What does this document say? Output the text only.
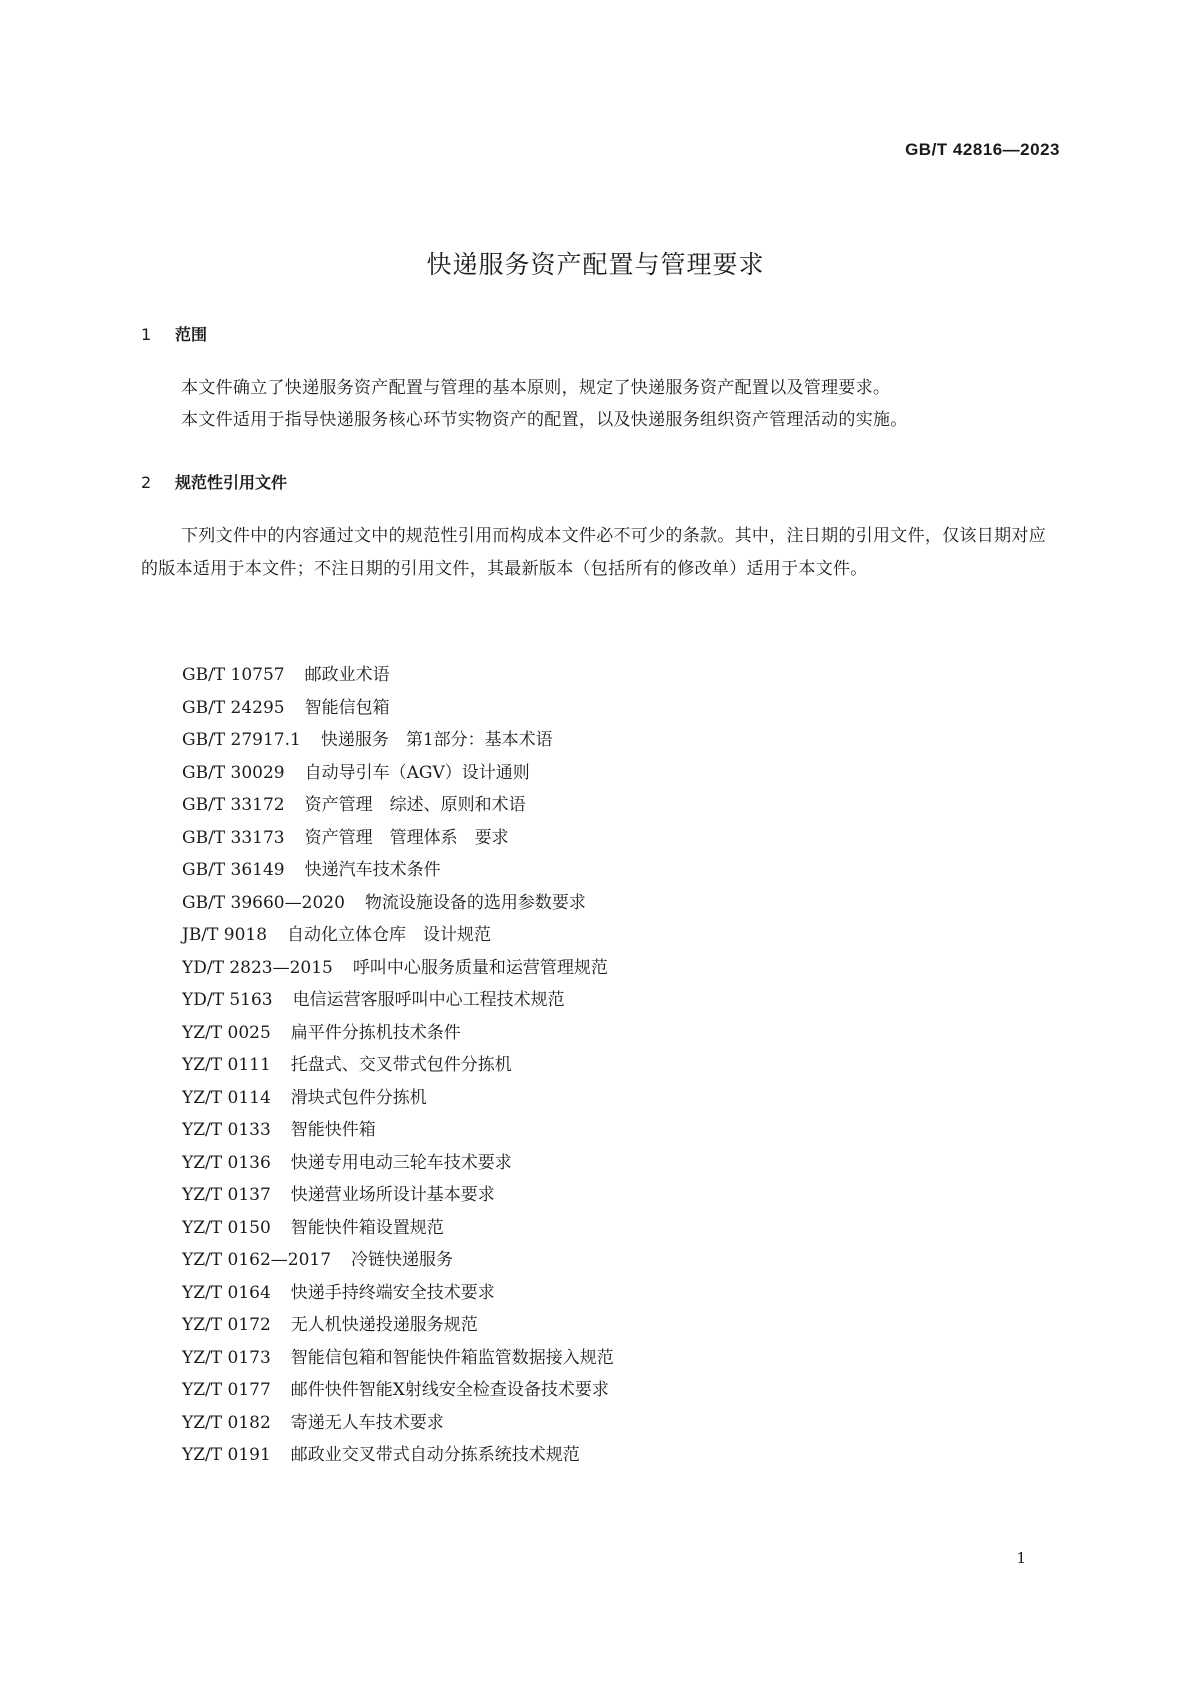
GB/T 42816—2023
快递服务资产配置与管理要求
1 范围
本文件确立了快递服务资产配置与管理的基本原则，规定了快递服务资产配置以及管理要求。
本文件适用于指导快递服务核心环节实物资产的配置，以及快递服务组织资产管理活动的实施。
2 规范性引用文件
下列文件中的内容通过文中的规范性引用而构成本文件必不可少的条款。其中，注日期的引用文件，仅该日期对应的版本适用于本文件；不注日期的引用文件，其最新版本（包括所有的修改单）适用于本文件。
GB/T 10757 邮政业术语
GB/T 24295 智能信包箱
GB/T 27917.1 快递服务　第1部分：基本术语
GB/T 30029 自动导引车（AGV）设计通则
GB/T 33172 资产管理　综述、原则和术语
GB/T 33173 资产管理　管理体系　要求
GB/T 36149 快递汽车技术条件
GB/T 39660—2020 物流设施设备的选用参数要求
JB/T 9018 自动化立体仓库　设计规范
YD/T 2823—2015 呼叫中心服务质量和运营管理规范
YD/T 5163 电信运营客服呼叫中心工程技术规范
YZ/T 0025 扁平件分拣机技术条件
YZ/T 0111 托盘式、交叉带式包件分拣机
YZ/T 0114 滑块式包件分拣机
YZ/T 0133 智能快件箱
YZ/T 0136 快递专用电动三轮车技术要求
YZ/T 0137 快递营业场所设计基本要求
YZ/T 0150 智能快件箱设置规范
YZ/T 0162—2017 冷链快递服务
YZ/T 0164 快递手持终端安全技术要求
YZ/T 0172 无人机快递投递服务规范
YZ/T 0173 智能信包箱和智能快件箱监管数据接入规范
YZ/T 0177 邮件快件智能X射线安全检查设备技术要求
YZ/T 0182 寄递无人车技术要求
YZ/T 0191 邮政业交叉带式自动分拣系统技术规范
1
